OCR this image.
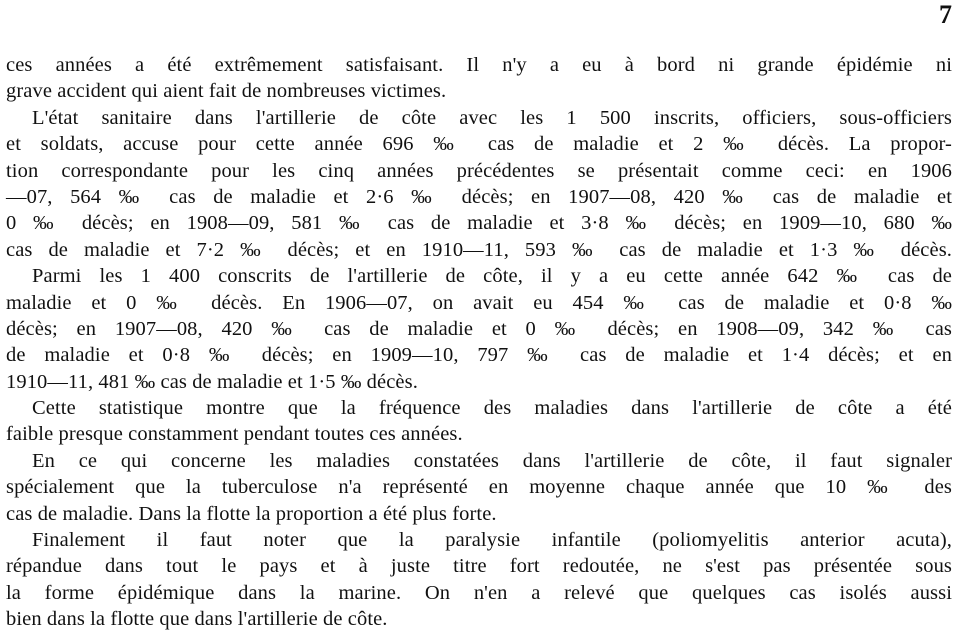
7
ces années a été extrêmement satisfaisant. Il n'y a eu à bord ni grande épidémie ni
grave accident qui aient fait de nombreuses victimes.
L'état sanitaire dans l'artillerie de côte avec les 1 500 inscrits, officiers, sous-officiers
et soldats, accuse pour cette année 696 ‰ cas de maladie et 2 ‰ décès. La propor-
tion correspondante pour les cinq années précédentes se présentait comme ceci: en 1906
—07, 564 ‰ cas de maladie et 2·6 ‰ décès; en 1907—08, 420 ‰ cas de maladie et
0 ‰ décès; en 1908—09, 581 ‰ cas de maladie et 3·8 ‰ décès; en 1909—10, 680 ‰
cas de maladie et 7·2 ‰ décès; et en 1910—11, 593 ‰ cas de maladie et 1·3 ‰ décès.
Parmi les 1 400 conscrits de l'artillerie de côte, il y a eu cette année 642 ‰ cas de
maladie et 0 ‰ décès. En 1906—07, on avait eu 454 ‰ cas de maladie et 0·8 ‰
décès; en 1907—08, 420 ‰ cas de maladie et 0 ‰ décès; en 1908—09, 342 ‰ cas
de maladie et 0·8 ‰ décès; en 1909—10, 797 ‰ cas de maladie et 1·4 décès; et en
1910—11, 481 ‰ cas de maladie et 1·5 ‰ décès.
Cette statistique montre que la fréquence des maladies dans l'artillerie de côte a été
faible presque constamment pendant toutes ces années.
En ce qui concerne les maladies constatées dans l'artillerie de côte, il faut signaler
spécialement que la tuberculose n'a représenté en moyenne chaque année que 10 ‰ des
cas de maladie. Dans la flotte la proportion a été plus forte.
Finalement il faut noter que la paralysie infantile (poliomyelitis anterior acuta),
répandue dans tout le pays et à juste titre fort redoutée, ne s'est pas présentée sous
la forme épidémique dans la marine. On n'en a relevé que quelques cas isolés aussi
bien dans la flotte que dans l'artillerie de côte.
